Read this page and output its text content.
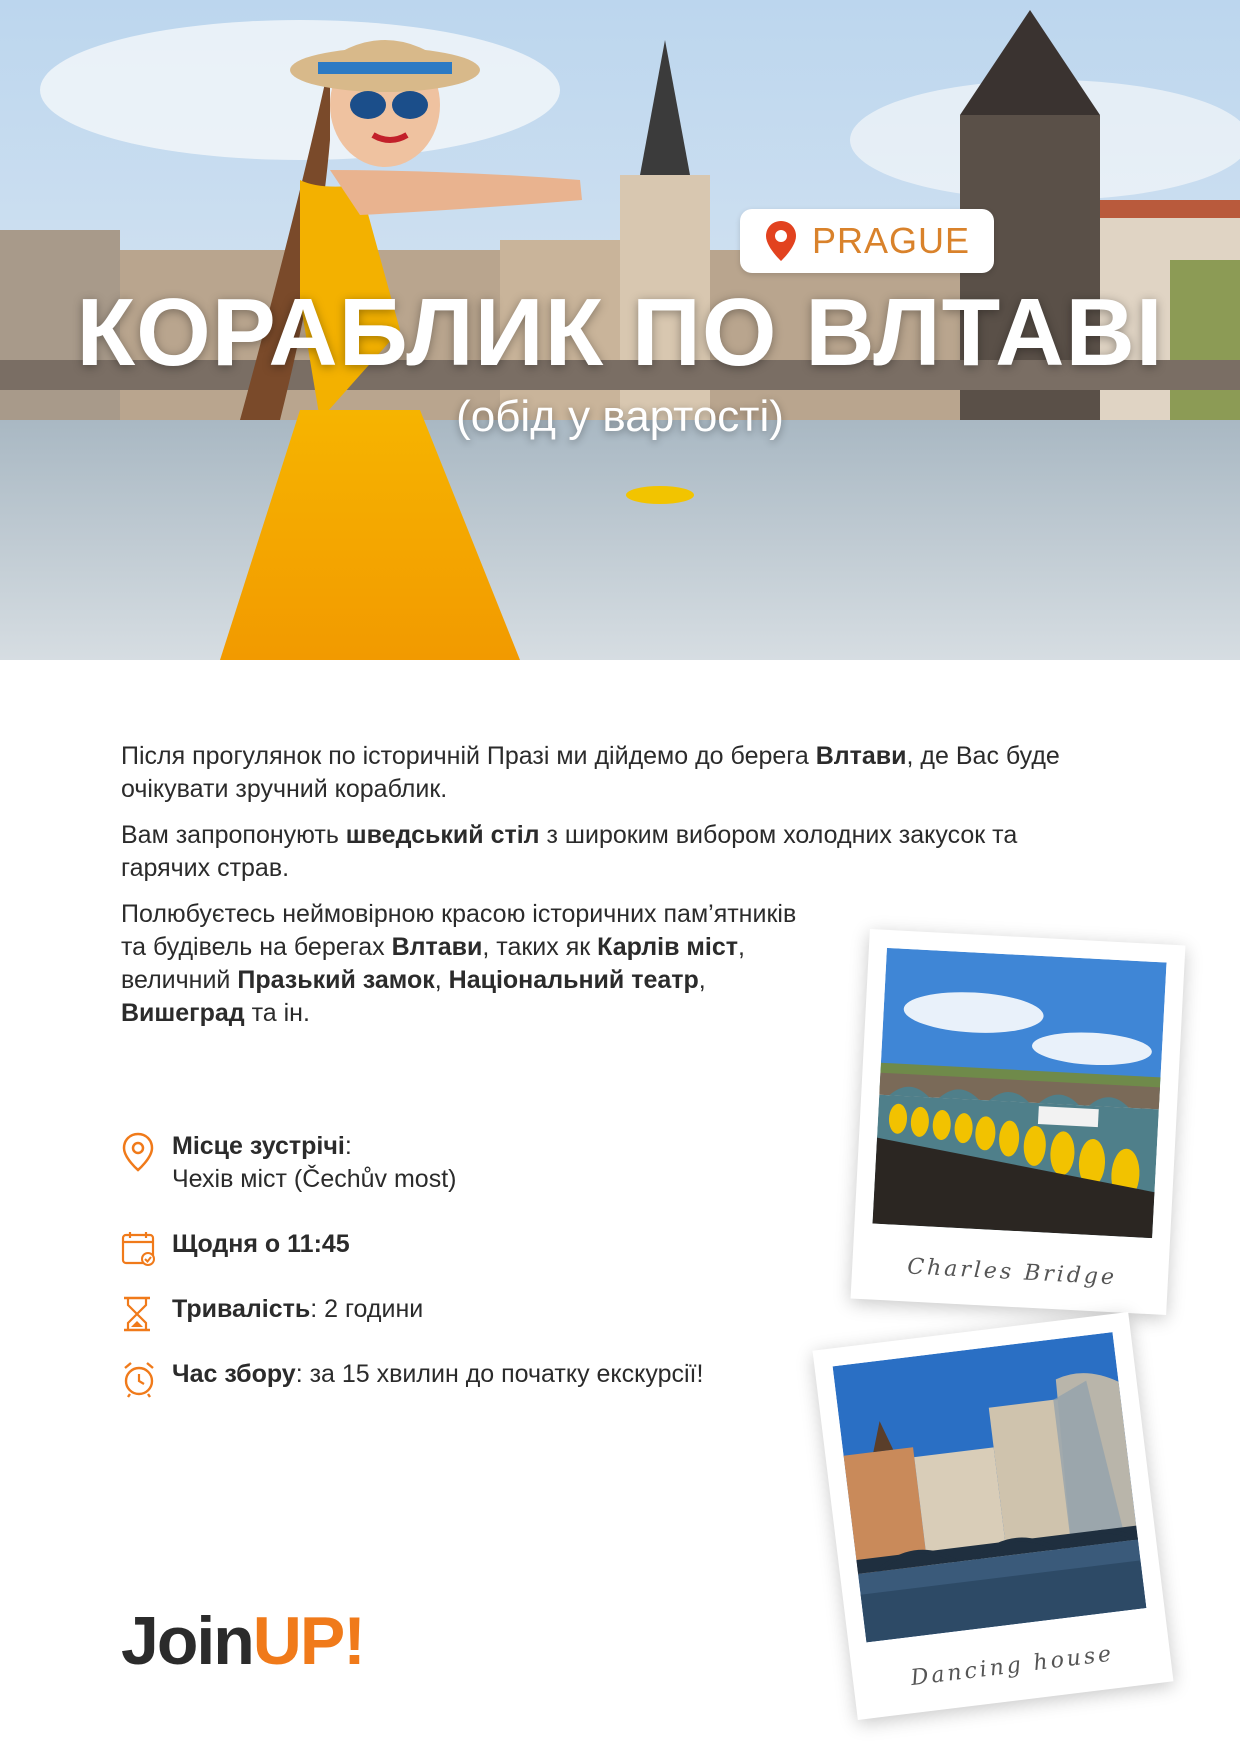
PRAGUE
КОРАБЛИК ПО ВЛТАВІ

(обід у вартості)

Після прогулянок по історичній Празі ми дійдемо до берега Влтави, де Вас буде очікувати зручний кораблик.

Вам запропонують шведський стіл з широким вибором холодних закусок та гарячих страв.

Полюбуєтесь неймовірною красою історичних пам’ятників
та будівель на берегах Влтави, таких як Карлів міст,
величний Празький замок, Національний театр,
Вишеград та ін.

Місце зустрічі:
Чехів міст (Čechův most)
Щодня о 11:45
Тривалість: 2 години
Час збору: за 15 хвилин до початку екскурсії!
Charles Bridge
Dancing house
JoinUP!
